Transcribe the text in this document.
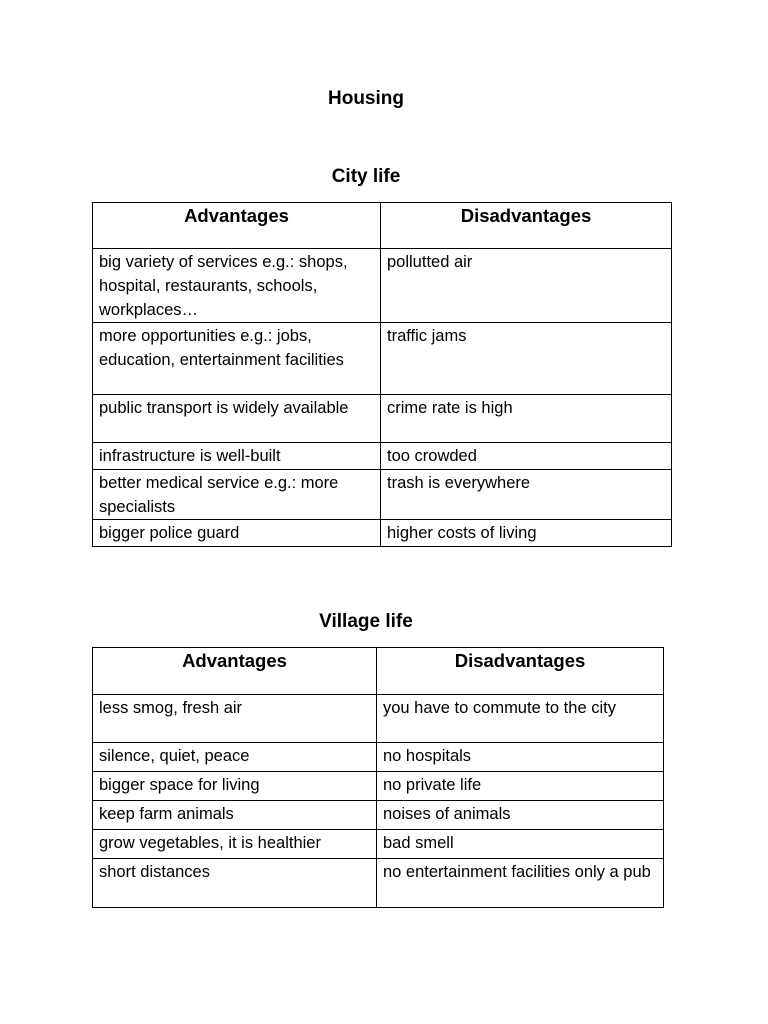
Housing
City life
Advantages	Disadvantages
big variety of services e.g.: shops, hospital, restaurants, schools, workplaces…	pollutted air
more opportunities e.g.: jobs, education, entertainment facilities	traffic jams
public transport is widely available	crime rate is high
infrastructure is well-built	too crowded
better medical service e.g.: more specialists	trash is everywhere
bigger police guard	higher costs of living
Village life
Advantages	Disadvantages
less smog, fresh air	you have to commute to the city
silence, quiet, peace	no hospitals
bigger space for living	no private life
keep farm animals	noises of animals
grow vegetables, it is healthier	bad smell
short distances	no entertainment facilities only a pub
